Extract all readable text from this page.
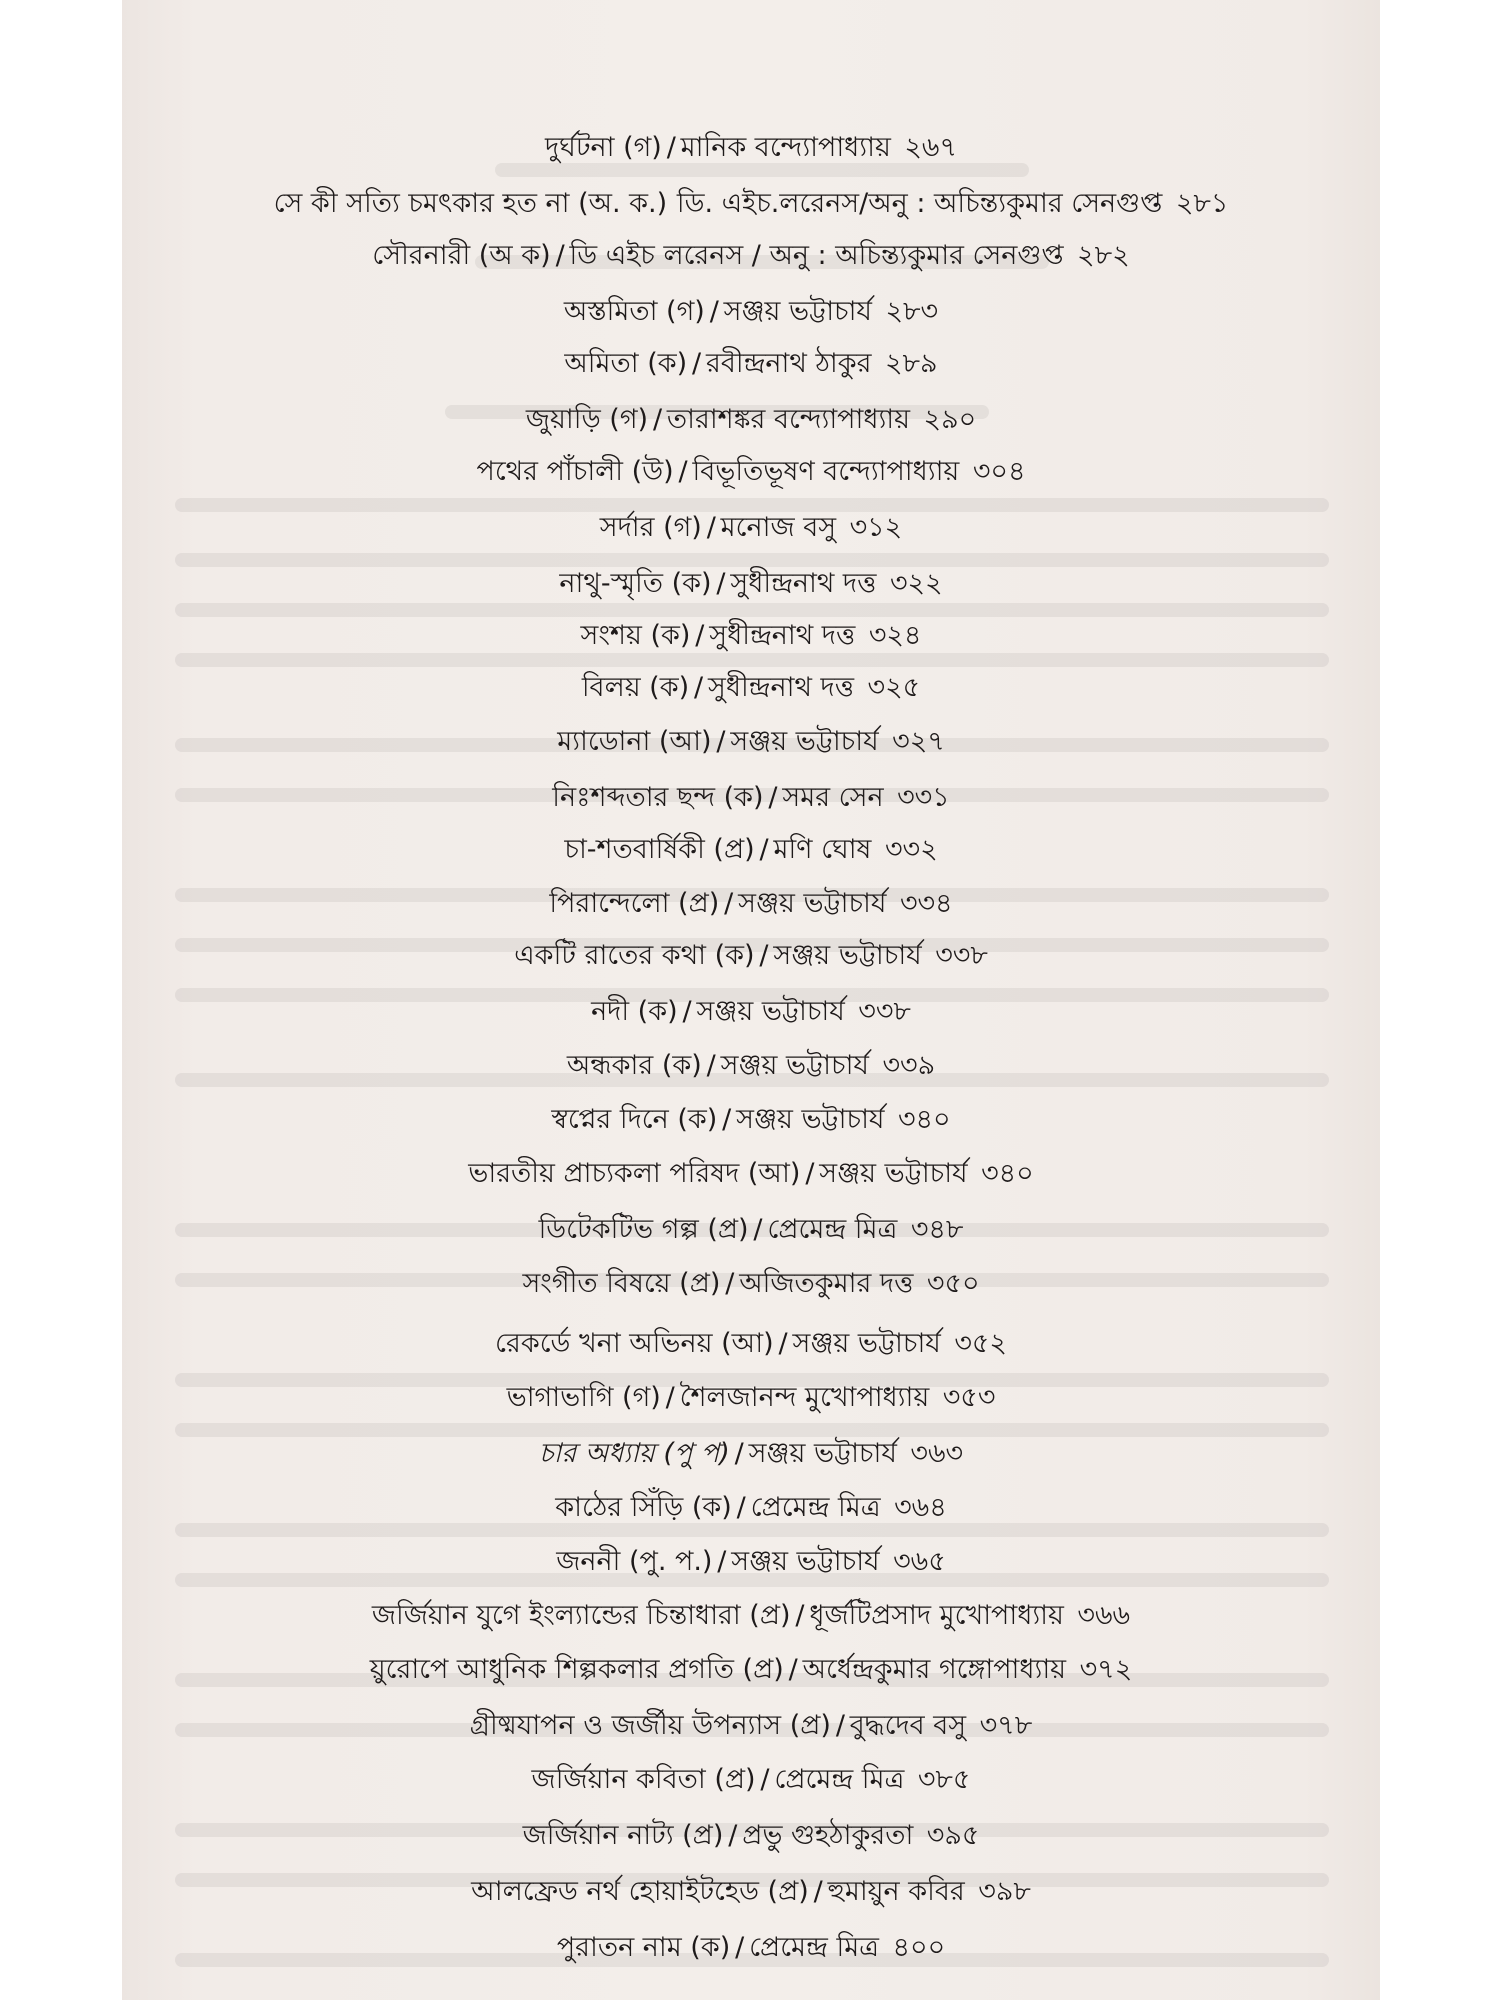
দুর্ঘটনা (গ) / মানিক বন্দ্যোপাধ্যায় ২৬৭
সে কী সত্যি চমৎকার হত না (অ. ক.) ডি. এইচ.লরেনস/অনু : অচিন্ত্যকুমার সেনগুপ্ত ২৮১
সৌরনারী (অ ক) / ডি এইচ লরেনস / অনু : অচিন্ত্যকুমার সেনগুপ্ত ২৮২
অস্তমিতা (গ) / সঞ্জয় ভট্টাচার্য ২৮৩
অমিতা (ক) / রবীন্দ্রনাথ ঠাকুর ২৮৯
জুয়াড়ি (গ) / তারাশঙ্কর বন্দ্যোপাধ্যায় ২৯০
পথের পাঁচালী (উ) / বিভূতিভূষণ বন্দ্যোপাধ্যায় ৩০৪
সর্দার (গ) / মনোজ বসু ৩১২
নাথু-স্মৃতি (ক) / সুধীন্দ্রনাথ দত্ত ৩২২
সংশয় (ক) / সুধীন্দ্রনাথ দত্ত ৩২৪
বিলয় (ক) / সুধীন্দ্রনাথ দত্ত ৩২৫
ম্যাডোনা (আ) / সঞ্জয় ভট্টাচার্য ৩২৭
নিঃশব্দতার ছন্দ (ক) / সমর সেন ৩৩১
চা-শতবার্ষিকী (প্র) / মণি ঘোষ ৩৩২
পিরান্দেলো (প্র) / সঞ্জয় ভট্টাচার্য ৩৩৪
একটি রাতের কথা (ক) / সঞ্জয় ভট্টাচার্য ৩৩৮
নদী (ক) / সঞ্জয় ভট্টাচার্য ৩৩৮
অন্ধকার (ক) / সঞ্জয় ভট্টাচার্য ৩৩৯
স্বপ্নের দিনে (ক) / সঞ্জয় ভট্টাচার্য ৩৪০
ভারতীয় প্রাচ্যকলা পরিষদ (আ) / সঞ্জয় ভট্টাচার্য ৩৪০
ডিটেকটিভ গল্প (প্র) / প্রেমেন্দ্র মিত্র ৩৪৮
সংগীত বিষয়ে (প্র) / অজিতকুমার দত্ত ৩৫০
রেকর্ডে খনা অভিনয় (আ) / সঞ্জয় ভট্টাচার্য ৩৫২
ভাগাভাগি (গ) / শৈলজানন্দ মুখোপাধ্যায় ৩৫৩
চার অধ্যায় (পু প) / সঞ্জয় ভট্টাচার্য ৩৬৩
কাঠের সিঁড়ি (ক) / প্রেমেন্দ্র মিত্র ৩৬৪
জননী (পু. প.) / সঞ্জয় ভট্টাচার্য ৩৬৫
জর্জিয়ান যুগে ইংল্যান্ডের চিন্তাধারা (প্র) / ধূর্জটিপ্রসাদ মুখোপাধ্যায় ৩৬৬
য়ুরোপে আধুনিক শিল্পকলার প্রগতি (প্র) / অর্ধেন্দ্রকুমার গঙ্গোপাধ্যায় ৩৭২
গ্রীষ্মযাপন ও জর্জীয় উপন্যাস (প্র) / বুদ্ধদেব বসু ৩৭৮
জর্জিয়ান কবিতা (প্র) / প্রেমেন্দ্র মিত্র ৩৮৫
জর্জিয়ান নাট্য (প্র) / প্রভু গুহঠাকুরতা ৩৯৫
আলফ্রেড নর্থ হোয়াইটহেড (প্র) / হুমায়ুন কবির ৩৯৮
পুরাতন নাম (ক) / প্রেমেন্দ্র মিত্র ৪০০
